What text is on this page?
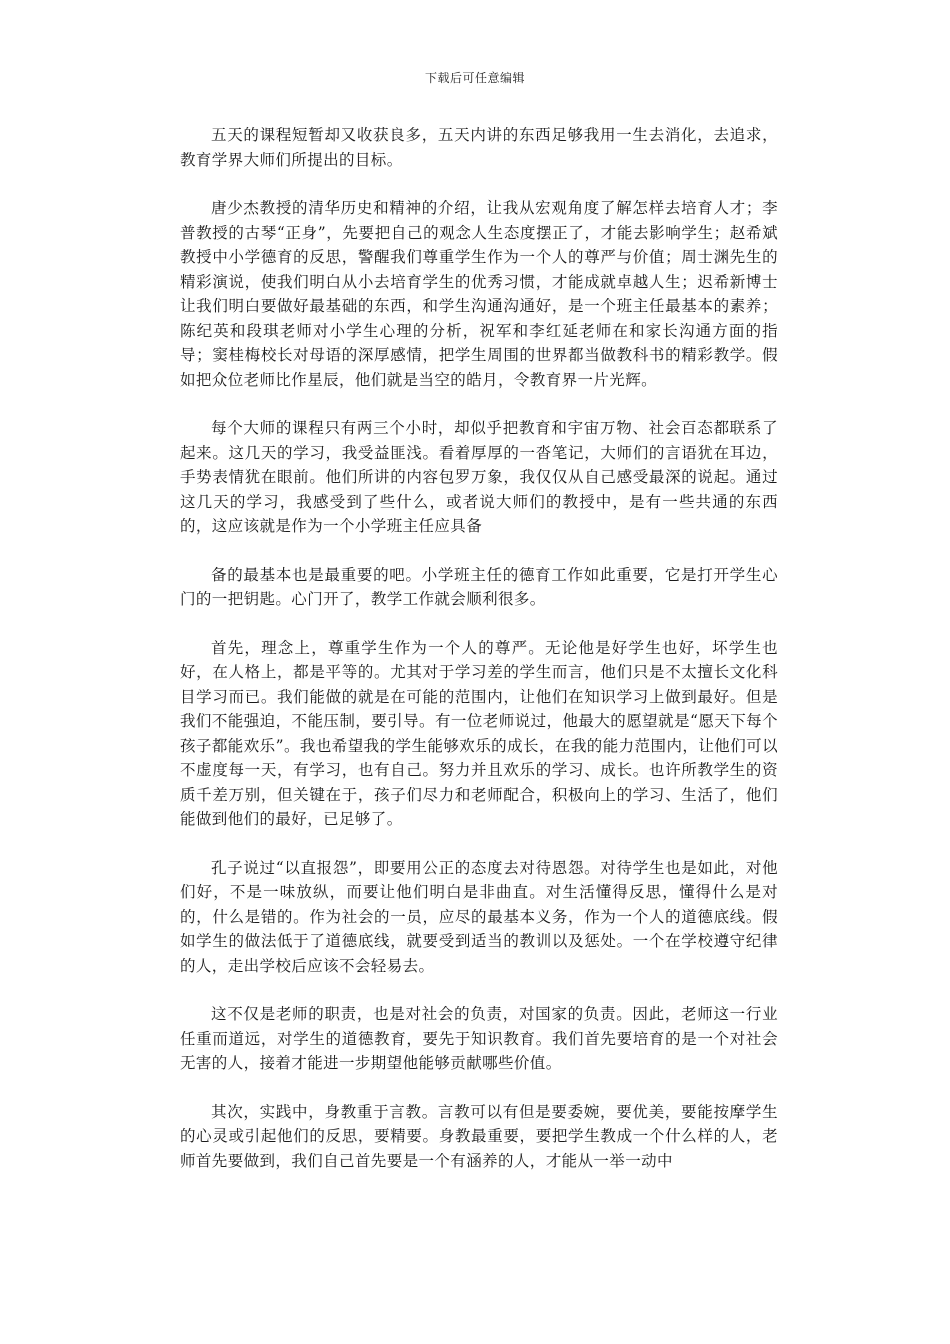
下载后可任意编辑

五天的课程短暂却又收获良多，五天内讲的东西足够我用一生去消化，去追求，教育学界大师们所提出的目标。

唐少杰教授的清华历史和精神的介绍，让我从宏观角度了解怎样去培育人才；李普教授的古琴“正身”，先要把自己的观念人生态度摆正了，才能去影响学生；赵希斌教授中小学德育的反思，警醒我们尊重学生作为一个人的尊严与价值；周士渊先生的精彩演说，使我们明白从小去培育学生的优秀习惯，才能成就卓越人生；迟希新博士让我们明白要做好最基础的东西，和学生沟通沟通好，是一个班主任最基本的素养；陈纪英和段琪老师对小学生心理的分析，祝军和李红延老师在和家长沟通方面的指导；窦桂梅校长对母语的深厚感情，把学生周围的世界都当做教科书的精彩教学。假如把众位老师比作星辰，他们就是当空的皓月，令教育界一片光辉。

每个大师的课程只有两三个小时，却似乎把教育和宇宙万物、社会百态都联系了起来。这几天的学习，我受益匪浅。看着厚厚的一沓笔记，大师们的言语犹在耳边，手势表情犹在眼前。他们所讲的内容包罗万象，我仅仅从自己感受最深的说起。通过这几天的学习，我感受到了些什么，或者说大师们的教授中，是有一些共通的东西的，这应该就是作为一个小学班主任应具备

备的最基本也是最重要的吧。小学班主任的德育工作如此重要，它是打开学生心门的一把钥匙。心门开了，教学工作就会顺利很多。

首先，理念上，尊重学生作为一个人的尊严。无论他是好学生也好，坏学生也好，在人格上，都是平等的。尤其对于学习差的学生而言，他们只是不太擅长文化科目学习而已。我们能做的就是在可能的范围内，让他们在知识学习上做到最好。但是我们不能强迫，不能压制，要引导。有一位老师说过，他最大的愿望就是“愿天下每个孩子都能欢乐”。我也希望我的学生能够欢乐的成长，在我的能力范围内，让他们可以不虚度每一天，有学习，也有自己。努力并且欢乐的学习、成长。也许所教学生的资质千差万别，但关键在于，孩子们尽力和老师配合，积极向上的学习、生活了，他们能做到他们的最好，已足够了。

孔子说过“以直报怨”，即要用公正的态度去对待恩怨。对待学生也是如此，对他们好，不是一味放纵，而要让他们明白是非曲直。对生活懂得反思，懂得什么是对的，什么是错的。作为社会的一员，应尽的最基本义务，作为一个人的道德底线。假如学生的做法低于了道德底线，就要受到适当的教训以及惩处。一个在学校遵守纪律的人，走出学校后应该不会轻易去。

这不仅是老师的职责，也是对社会的负责，对国家的负责。因此，老师这一行业任重而道远，对学生的道德教育，要先于知识教育。我们首先要培育的是一个对社会无害的人，接着才能进一步期望他能够贡献哪些价值。

其次，实践中，身教重于言教。言教可以有但是要委婉，要优美，要能按摩学生的心灵或引起他们的反思，要精要。身教最重要，要把学生教成一个什么样的人，老师首先要做到，我们自己首先要是一个有涵养的人，才能从一举一动中
